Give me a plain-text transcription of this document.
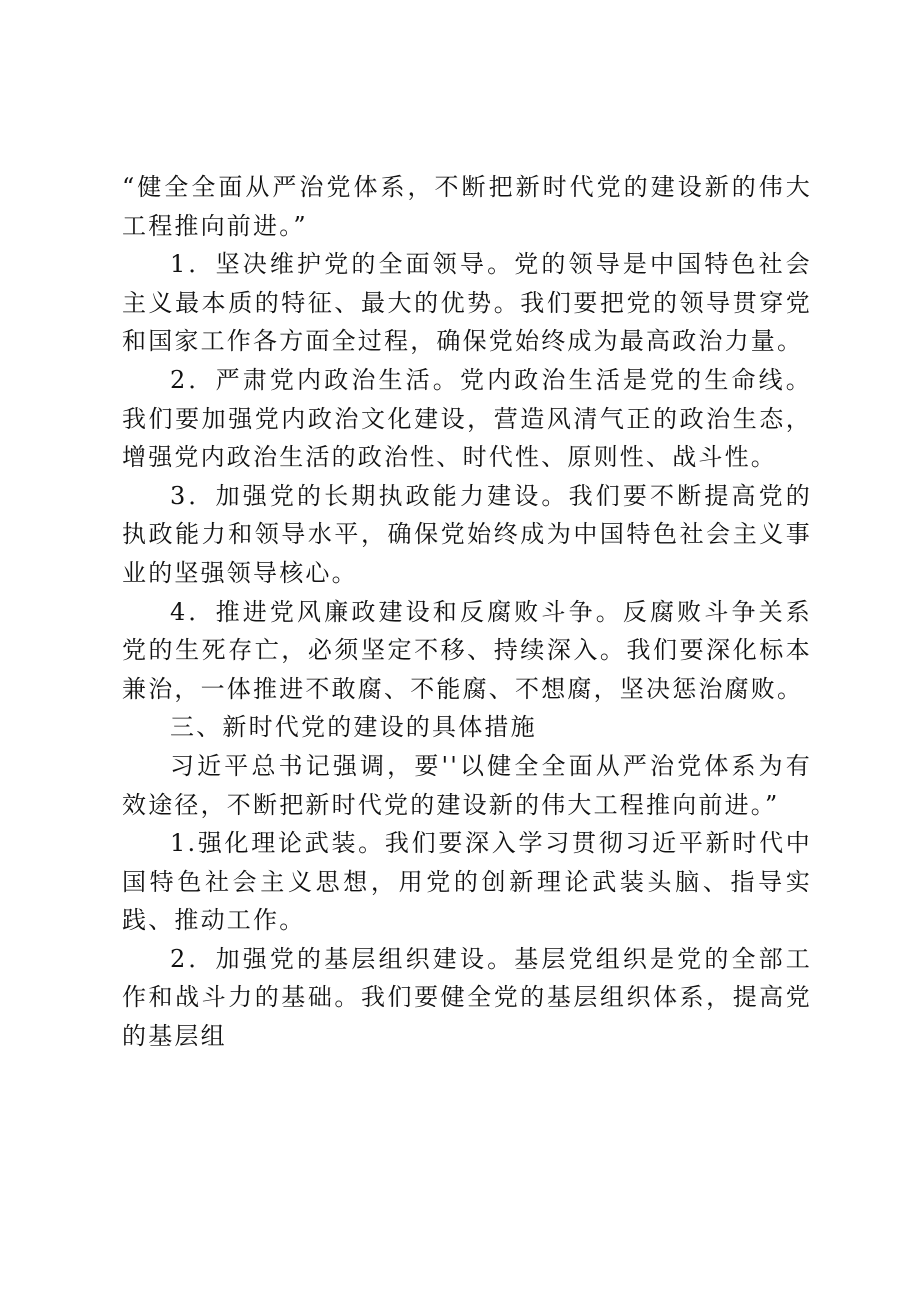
“健全全面从严治党体系，不断把新时代党的建设新的伟大工程推向前进。”

1．坚决维护党的全面领导。党的领导是中国特色社会主义最本质的特征、最大的优势。我们要把党的领导贯穿党和国家工作各方面全过程，确保党始终成为最高政治力量。

2．严肃党内政治生活。党内政治生活是党的生命线。我们要加强党内政治文化建设，营造风清气正的政治生态，增强党内政治生活的政治性、时代性、原则性、战斗性。

3．加强党的长期执政能力建设。我们要不断提高党的执政能力和领导水平，确保党始终成为中国特色社会主义事业的坚强领导核心。

4．推进党风廉政建设和反腐败斗争。反腐败斗争关系党的生死存亡，必须坚定不移、持续深入。我们要深化标本兼治，一体推进不敢腐、不能腐、不想腐，坚决惩治腐败。

三、新时代党的建设的具体措施

习近平总书记强调，要''以健全全面从严治党体系为有效途径，不断把新时代党的建设新的伟大工程推向前进。”

1.强化理论武装。我们要深入学习贯彻习近平新时代中国特色社会主义思想，用党的创新理论武装头脑、指导实践、推动工作。

2．加强党的基层组织建设。基层党组织是党的全部工作和战斗力的基础。我们要健全党的基层组织体系，提高党的基层组
